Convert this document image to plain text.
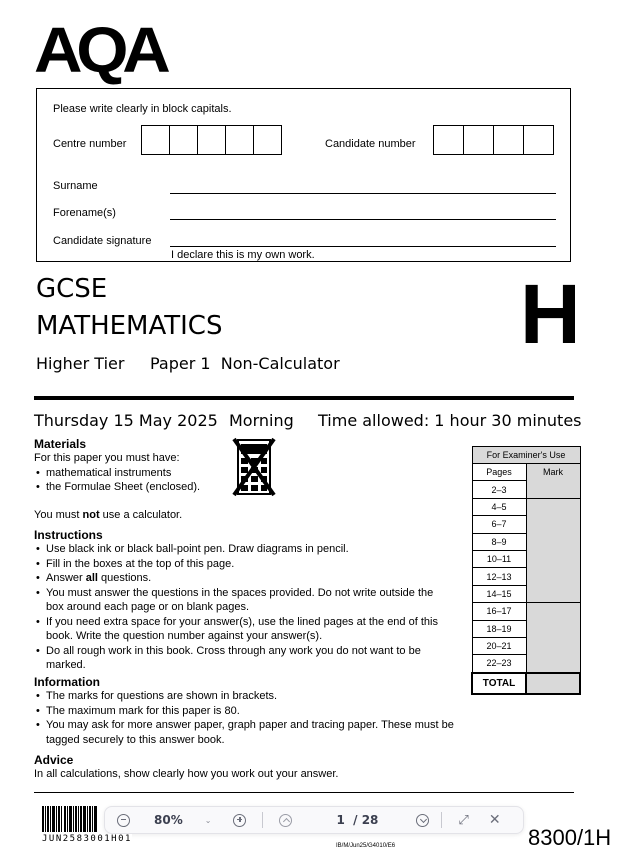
AQA
Please write clearly in block capitals.
Centre number	Candidate number
Surname
Forename(s)
Candidate signature
I declare this is my own work.
GCSE
MATHEMATICS
Higher Tier Paper 1  Non-Calculator
H
Thursday 15 May 2025 Morning Time allowed: 1 hour 30 minutes
Materials
For this paper you must have:
• mathematical instruments
• the Formulae Sheet (enclosed).
You must not use a calculator.
Instructions
• Use black ink or black ball-point pen. Draw diagrams in pencil.
• Fill in the boxes at the top of this page.
• Answer all questions.
• You must answer the questions in the spaces provided. Do not write outside the box around each page or on blank pages.
• If you need extra space for your answer(s), use the lined pages at the end of this book. Write the question number against your answer(s).
• Do all rough work in this book. Cross through any work you do not want to be marked.
Information
• The marks for questions are shown in brackets.
• The maximum mark for this paper is 80.
• You may ask for more answer paper, graph paper and tracing paper. These must be tagged securely to this answer book.
Advice
In all calculations, show clearly how you work out your answer.
For Examiner's Use	
Pages	Mark
2–3	
4–5	
6–7	
8–9	
10–11	
12–13	
14–15	
16–17	
18–19	
20–21	
22–23	
TOTAL	
JUN2583001H01
IB/M/Jun25/G4010/E6	8300/1H
80%	⌄	1  / 28	⤢ ✕
